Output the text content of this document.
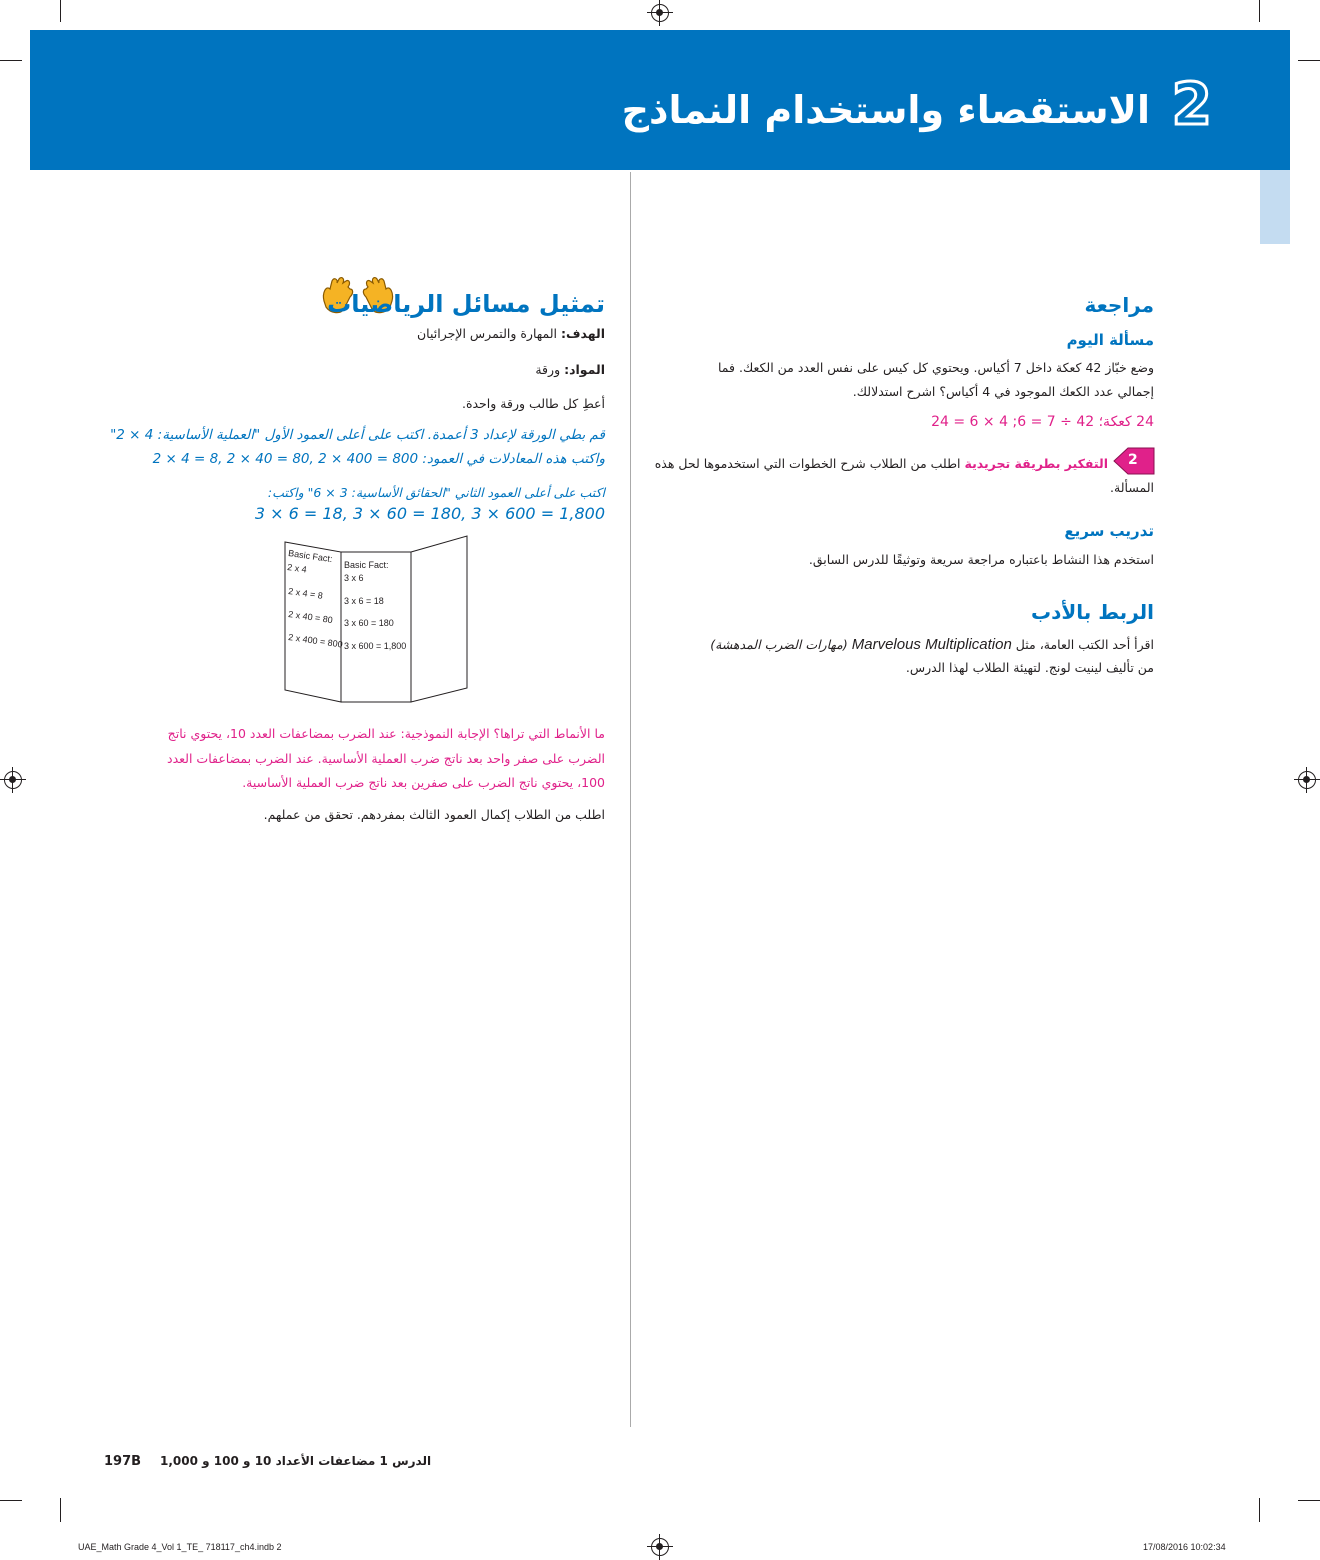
الاستقصاء واستخدام النماذج 2
تمثيل مسائل الرياضيات
الهدف: المهارة والتمرس الإجرائيان
المواد: ورقة
أعطِ كل طالب ورقة واحدة.
قم بطي الورقة لإعداد 3 أعمدة. اكتب على أعلى العمود الأول "العملية الأساسية: 4 × 2"
واكتب هذه المعادلات في العمود: 800 = 400 × 2 ,80 = 40 × 2 ,8 = 4 × 2
اكتب على أعلى العمود الثاني "الحقائق الأساسية: 3 × 6" واكتب:
3 × 6 = 18, 3 × 60 = 180, 3 × 600 = 1,800
Basic Fact:
2 x 4
2 x 4 = 8
2 x 40 = 80
2 x 400 = 800
Basic Fact:
3 x 6
3 x 6 = 18
3 x 60 = 180
3 x 600 = 1,800
ما الأنماط التي تراها؟ الإجابة النموذجية: عند الضرب بمضاعفات العدد 10، يحتوي ناتج
الضرب على صفر واحد بعد ناتج ضرب العملية الأساسية. عند الضرب بمضاعفات العدد
100، يحتوي ناتج الضرب على صفرين بعد ناتج ضرب العملية الأساسية.
اطلب من الطلاب إكمال العمود الثالث بمفردهم. تحقق من عملهم.
مراجعة
مسألة اليوم
وضع خبّاز 42 كعكة داخل 7 أكياس. ويحتوي كل كيس على نفس العدد من الكعك. فما
إجمالي عدد الكعك الموجود في 4 أكياس؟ اشرح استدلالك.
24 كعكة؛ 42 ÷ 7 = 6; 4 × 6 = 24
2
التفكير بطريقة تجريدية اطلب من الطلاب شرح الخطوات التي استخدموها لحل هذه
المسألة.
تدريب سريع
استخدم هذا النشاط باعتباره مراجعة سريعة وتوثيقًا للدرس السابق.
الربط بالأدب
اقرأ أحد الكتب العامة، مثل Marvelous Multiplication (مهارات الضرب المدهشة)
من تأليف لينيت لونج. لتهيئة الطلاب لهذا الدرس.
197B الدرس 1 مضاعفات الأعداد 10 و 100 و 1,000
UAE_Math Grade 4_Vol 1_TE_ 718117_ch4.indb 2	17/08/2016 10:02:34
